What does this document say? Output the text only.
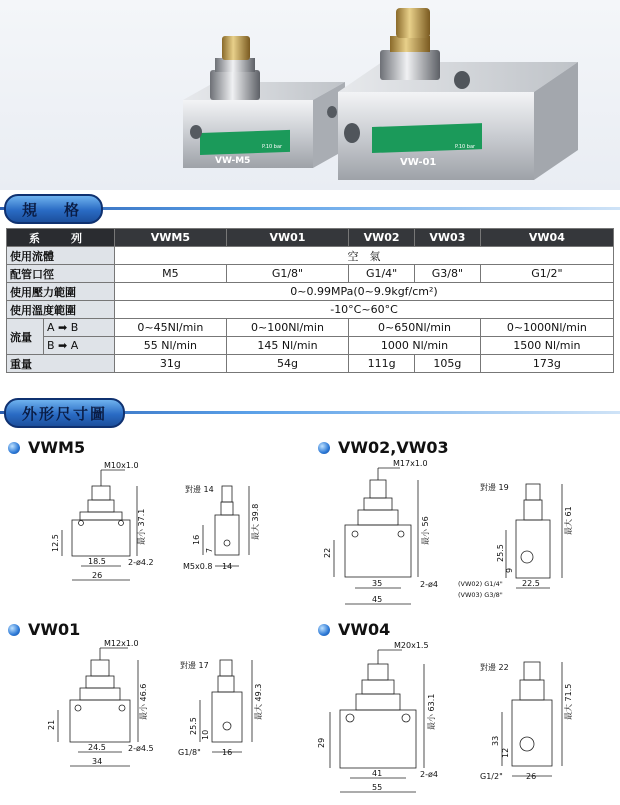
VW-M5
P.10 bar
VW-01
P.10 bar
規　格
系　列		VWM5	VW01	VW02	VW03	VW04
使用流體		空　氣				
配管口徑		M5	G1/8"	G1/4"	G3/8"	G1/2"
使用壓力範圍		0~0.99MPa(0~9.9kgf/cm²)				
使用溫度範圍		-10°C~60°C				
流量	A ➡ B	0~45Nl/min	0~100Nl/min	0~650Nl/min		0~1000Nl/min
	B ➡ A	55 Nl/min	145 Nl/min	1000 Nl/min		1500 Nl/min
重量		31g	54g	111g	105g	173g
外形尺寸圖
VWM5	VW02,VW03
VW01	VW04
M10x1.0
最小 37.1
12.5
18.5
26
2-ø4.2
對邊 14
最大 39.8
16
7
M5x0.8 14
M17x1.0
最小 56
22
35
45
2-ø4
對邊 19
最大 61
25.5
9
(VW02) G1/4"
(VW03) G3/8"
22.5
M12x1.0
最小 46.6
21
24.5
34
2-ø4.5
對邊 17
最大 49.3
25.5 10
G1/8"	16
M20x1.5
最小 63.1
29
41
55
2-ø4
對邊 22
最大 71.5
33
12
G1/2"	26
